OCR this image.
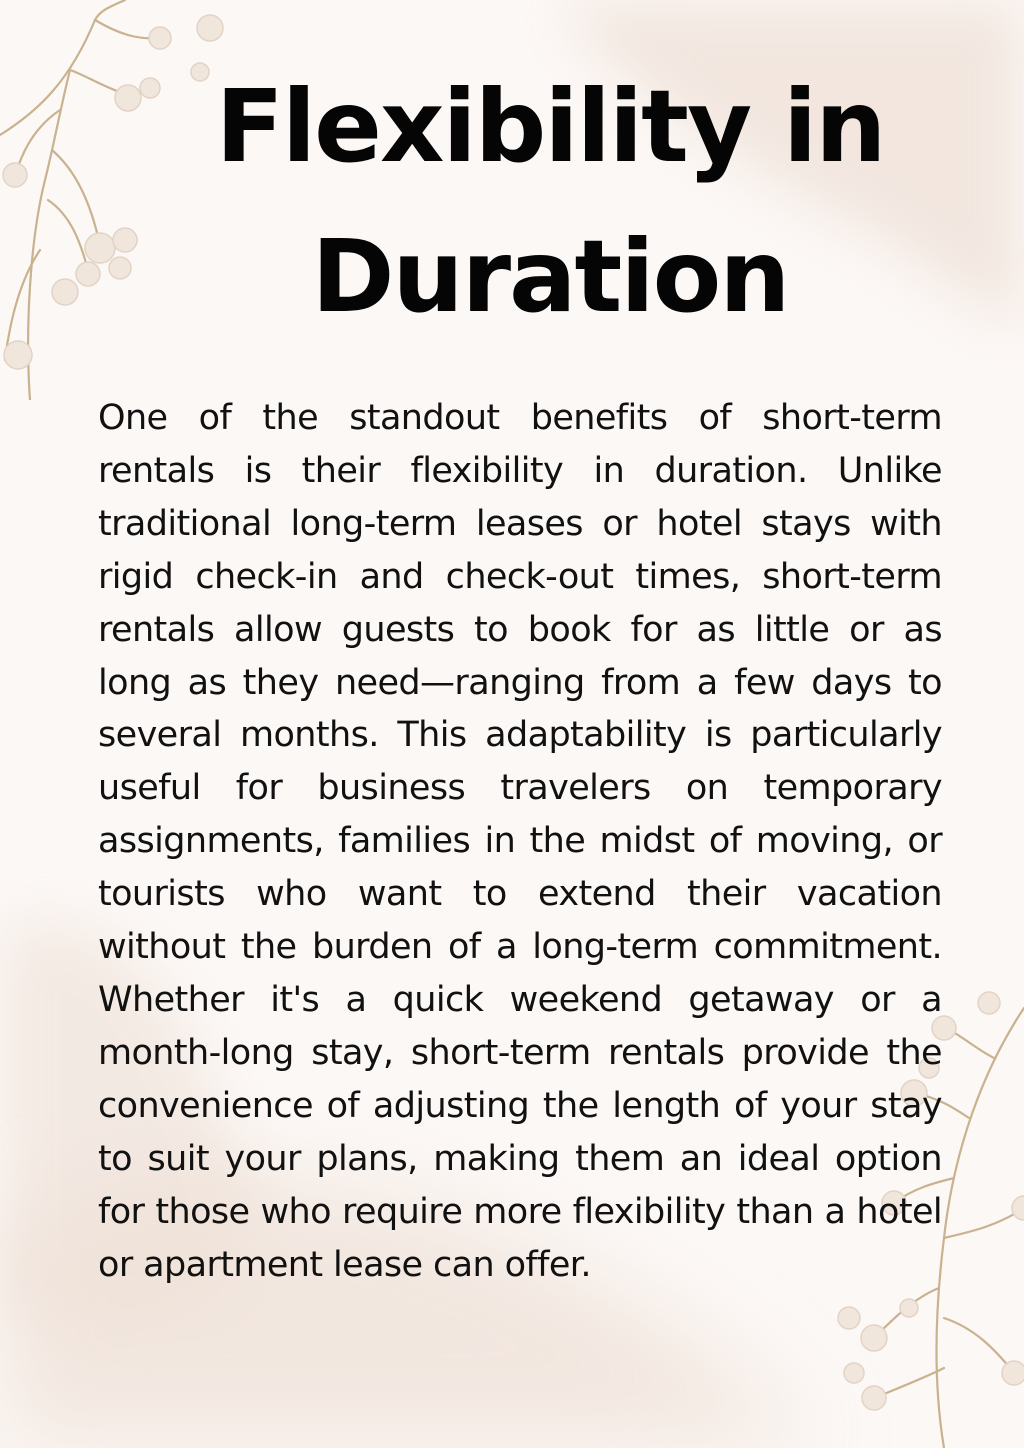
Flexibility in Duration

One of the standout benefits of short-term rentals is their flexibility in duration. Unlike traditional long-term leases or hotel stays with rigid check-in and check-out times, short-term rentals allow guests to book for as little or as long as they need—ranging from a few days to several months. This adaptability is particularly useful for business travelers on temporary assignments, families in the midst of moving, or tourists who want to extend their vacation without the burden of a long-term commitment. Whether it's a quick weekend getaway or a month-long stay, short-term rentals provide the convenience of adjusting the length of your stay to suit your plans, making them an ideal option for those who require more flexibility than a hotel or apartment lease can offer.
